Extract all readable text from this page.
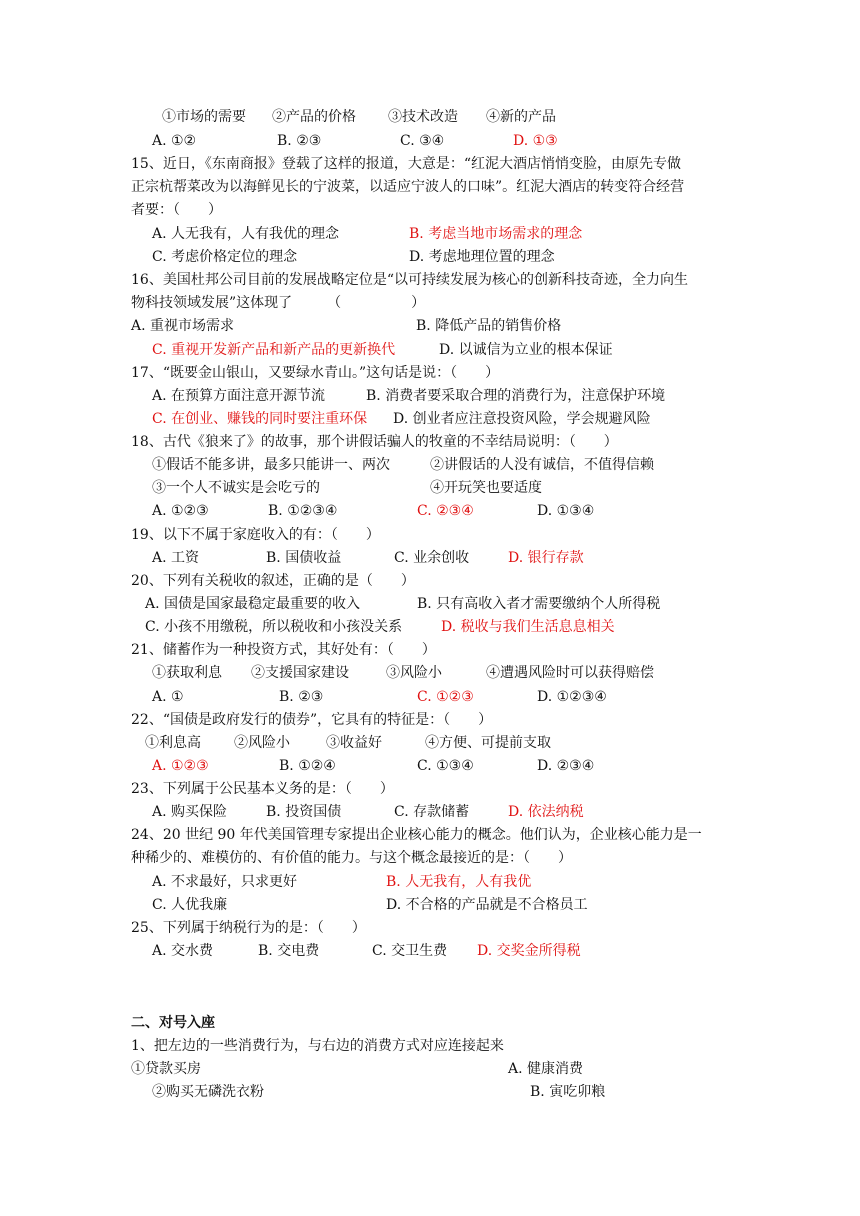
①市场的需要 ②产品的价格 ③技术改造 ④新的产品
A. ①②	B. ②③	C. ③④	D. ①③
15、近日，《东南商报》登载了这样的报道，大意是：“红泥大酒店悄悄变脸，由原先专做
正宗杭帮菜改为以海鲜见长的宁波菜，以适应宁波人的口味”。红泥大酒店的转变符合经营
者要：（　　）
A. 人无我有，人有我优的理念	B. 考虑当地市场需求的理念
C. 考虑价格定位的理念	D. 考虑地理位置的理念
16、美国杜邦公司目前的发展战略定位是“以可持续发展为核心的创新科技奇迹，全力向生
物科技领域发展”这体现了　　　（　　　　　）
A. 重视市场需求	B. 降低产品的销售价格
C. 重视开发新产品和新产品的更新换代	D. 以诚信为立业的根本保证
17、“既要金山银山，又要绿水青山。”这句话是说：（　　）
A. 在预算方面注意开源节流	B. 消费者要采取合理的消费行为，注意保护环境
C. 在创业、赚钱的同时要注重环保 D. 创业者应注意投资风险，学会规避风险
18、古代《狼来了》的故事，那个讲假话骗人的牧童的不幸结局说明：（　　）
①假话不能多讲，最多只能讲一、两次	②讲假话的人没有诚信，不值得信赖
③一个人不诚实是会吃亏的	④开玩笑也要适度
A. ①②③	B. ①②③④	C. ②③④	D. ①③④
19、以下不属于家庭收入的有：（　　）
A. 工资	B. 国债收益	C. 业余创收	D. 银行存款
20、下列有关税收的叙述，正确的是（　　）
A. 国债是国家最稳定最重要的收入	B. 只有高收入者才需要缴纳个人所得税
C. 小孩不用缴税，所以税收和小孩没关系	D. 税收与我们生活息息相关
21、储蓄作为一种投资方式，其好处有：（　　）
①获取利息 ②支援国家建设	③风险小	④遭遇风险时可以获得赔偿
A. ①	B. ②③	C. ①②③	D. ①②③④
22、“国债是政府发行的债券”，它具有的特征是：（　　）
①利息高 ②风险小	③收益好	④方便、可提前支取
A. ①②③	B. ①②④	C. ①③④	D. ②③④
23、下列属于公民基本义务的是：（　　）
A. 购买保险	B. 投资国债	C. 存款储蓄	D. 依法纳税
24、20 世纪 90 年代美国管理专家提出企业核心能力的概念。他们认为，企业核心能力是一
种稀少的、难模仿的、有价值的能力。与这个概念最接近的是：（　　）
A. 不求最好，只求更好	B. 人无我有，人有我优
C. 人优我廉	D. 不合格的产品就是不合格员工
25、下列属于纳税行为的是：（　　）
A. 交水费	B. 交电费	C. 交卫生费 D. 交奖金所得税
二、对号入座
1、把左边的一些消费行为，与右边的消费方式对应连接起来
①贷款买房	A. 健康消费
②购买无磷洗衣粉	B. 寅吃卯粮
